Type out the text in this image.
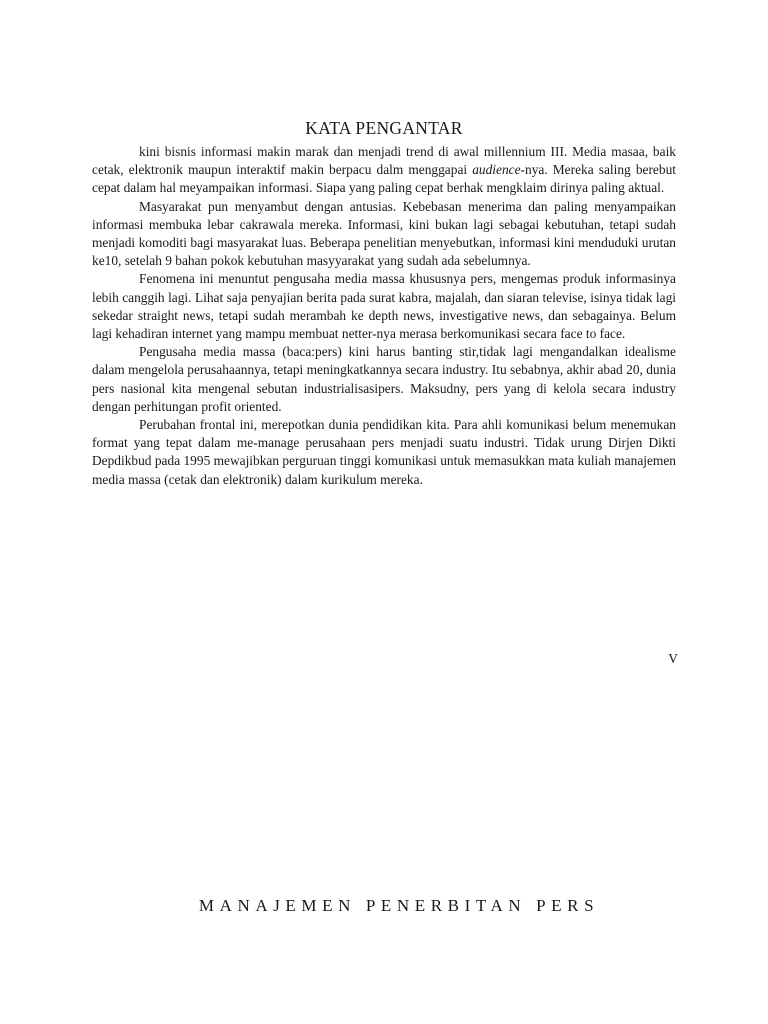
KATA PENGANTAR

kini bisnis informasi makin marak dan menjadi trend di awal millennium III. Media masaa, baik cetak, elektronik maupun interaktif makin berpacu dalm menggapai audience-nya. Mereka saling berebut cepat dalam hal meyampaikan informasi. Siapa yang paling cepat berhak mengklaim dirinya paling aktual.

Masyarakat pun menyambut dengan antusias. Kebebasan menerima dan paling menyampaikan informasi membuka lebar cakrawala mereka. Informasi, kini bukan lagi sebagai kebutuhan, tetapi sudah menjadi komoditi bagi masyarakat luas. Beberapa penelitian menyebutkan, informasi kini menduduki urutan ke10, setelah 9 bahan pokok kebutuhan masyyarakat yang sudah ada sebelumnya.

Fenomena ini menuntut pengusaha media massa khususnya pers, mengemas produk informasinya lebih canggih lagi. Lihat saja penyajian berita pada surat kabra, majalah, dan siaran televise, isinya tidak lagi sekedar straight news, tetapi sudah merambah ke depth news, investigative news, dan sebagainya. Belum lagi kehadiran internet yang mampu membuat netter-nya merasa berkomunikasi secara face to face.

Pengusaha media massa (baca:pers) kini harus banting stir,tidak lagi mengandalkan idealisme dalam mengelola perusahaannya, tetapi meningkatkannya secara industry. Itu sebabnya, akhir abad 20, dunia pers nasional kita mengenal sebutan industrialisasipers. Maksudny, pers yang di kelola secara industry dengan perhitungan profit oriented.

Perubahan frontal ini, merepotkan dunia pendidikan kita. Para ahli komunikasi belum menemukan format yang tepat dalam me-manage perusahaan pers menjadi suatu industri. Tidak urung Dirjen Dikti Depdikbud pada 1995 mewajibkan perguruan tinggi komunikasi untuk memasukkan mata kuliah manajemen media massa (cetak dan elektronik) dalam kurikulum mereka.

V
MANAJEMEN PENERBITAN PERS
